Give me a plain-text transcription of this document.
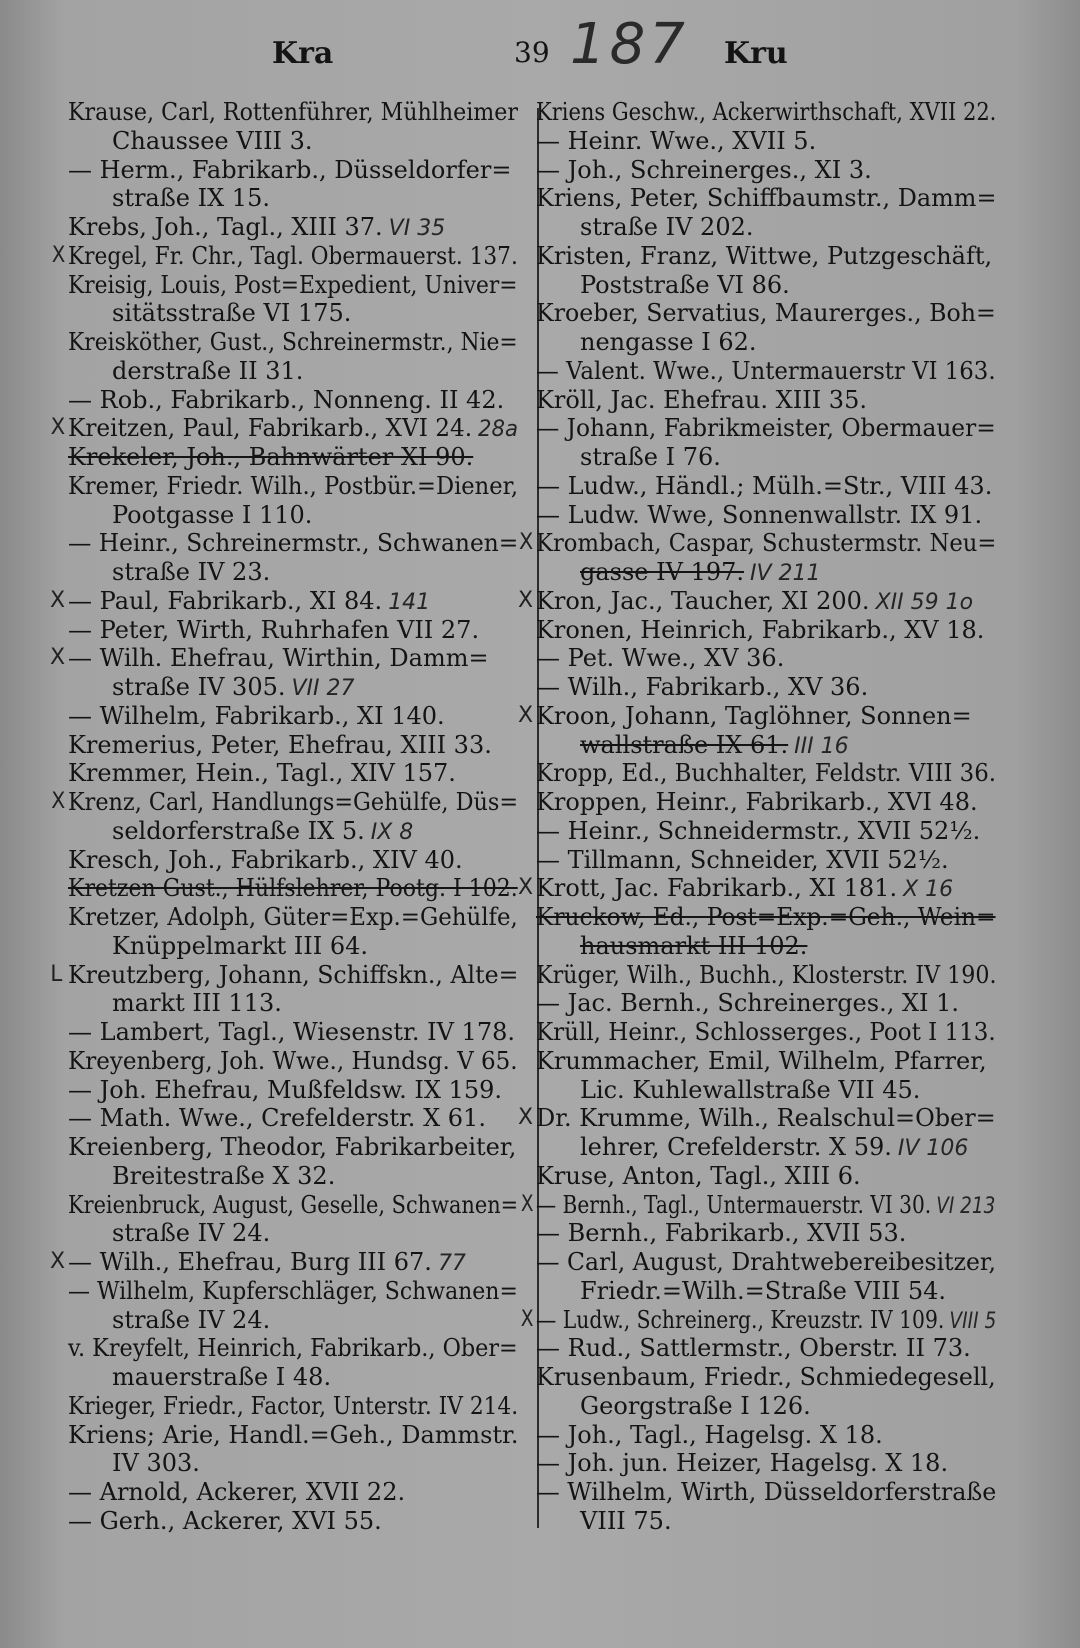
Kra	39 187 Kru
Krause, Carl, Rottenführer, Mühlheimer
Chaussee VIII 3.
— Herm., Fabrikarb., Düsseldorfer=
straße IX 15.
Krebs, Joh., Tagl., XIII 37. VI 35
X Kregel, Fr. Chr., Tagl. Obermauerst. 137.
Kreisig, Louis, Post=Expedient, Univer=
sitätsstraße VI 175.
Kreisköther, Gust., Schreinermstr., Nie=
derstraße II 31.
— Rob., Fabrikarb., Nonneng. II 42.
X Kreitzen, Paul, Fabrikarb., XVI 24. 28a
Krekeler, Joh., Bahnwärter XI 90.
Kremer, Friedr. Wilh., Postbür.=Diener,
Pootgasse I 110.
— Heinr., Schreinermstr., Schwanen=
straße IV 23.
X — Paul, Fabrikarb., XI 84. 141
— Peter, Wirth, Ruhrhafen VII 27.
X — Wilh. Ehefrau, Wirthin, Damm=
straße IV 305. VII 27
— Wilhelm, Fabrikarb., XI 140.
Kremerius, Peter, Ehefrau, XIII 33.
Kremmer, Hein., Tagl., XIV 157.
X Krenz, Carl, Handlungs=Gehülfe, Düs=
seldorferstraße IX 5. IX 8
Kresch, Joh., Fabrikarb., XIV 40.
Kretzen Gust., Hülfslehrer, Pootg. I 102.
Kretzer, Adolph, Güter=Exp.=Gehülfe,
Knüppelmarkt III 64.
L Kreutzberg, Johann, Schiffskn., Alte=
markt III 113.
— Lambert, Tagl., Wiesenstr. IV 178.
Kreyenberg, Joh. Wwe., Hundsg. V 65.
— Joh. Ehefrau, Mußfeldsw. IX 159.
— Math. Wwe., Crefelderstr. X 61.
Kreienberg, Theodor, Fabrikarbeiter,
Breitestraße X 32.
Kreienbruck, August, Geselle, Schwanen=
straße IV 24.
X — Wilh., Ehefrau, Burg III 67. 77
— Wilhelm, Kupferschläger, Schwanen=
straße IV 24.
v. Kreyfelt, Heinrich, Fabrikarb., Ober=
mauerstraße I 48.
Krieger, Friedr., Factor, Unterstr. IV 214.
Kriens; Arie, Handl.=Geh., Dammstr.
IV 303.
— Arnold, Ackerer, XVII 22.
— Gerh., Ackerer, XVI 55.
Kriens Geschw., Ackerwirthschaft, XVII 22.
— Heinr. Wwe., XVII 5.
— Joh., Schreinerges., XI 3.
Kriens, Peter, Schiffbaumstr., Damm=
straße IV 202.
Kristen, Franz, Wittwe, Putzgeschäft,
Poststraße VI 86.
Kroeber, Servatius, Maurerges., Boh=
nengasse I 62.
— Valent. Wwe., Untermauerstr VI 163.
Kröll, Jac. Ehefrau. XIII 35.
— Johann, Fabrikmeister, Obermauer=
straße I 76.
— Ludw., Händl.; Mülh.=Str., VIII 43.
— Ludw. Wwe, Sonnenwallstr. IX 91.
X Krombach, Caspar, Schustermstr. Neu=
gasse IV 197. IV 211
X Kron, Jac., Taucher, XI 200. XII 59 1o
Kronen, Heinrich, Fabrikarb., XV 18.
— Pet. Wwe., XV 36.
— Wilh., Fabrikarb., XV 36.
X Kroon, Johann, Taglöhner, Sonnen=
wallstraße IX 61. III 16
Kropp, Ed., Buchhalter, Feldstr. VIII 36.
Kroppen, Heinr., Fabrikarb., XVI 48.
— Heinr., Schneidermstr., XVII 52½.
— Tillmann, Schneider, XVII 52½.
X Krott, Jac. Fabrikarb., XI 181. X 16
Kruckow, Ed., Post=Exp.=Geh., Wein=
hausmarkt III 102.
Krüger, Wilh., Buchh., Klosterstr. IV 190.
— Jac. Bernh., Schreinerges., XI 1.
Krüll, Heinr., Schlosserges., Poot I 113.
Krummacher, Emil, Wilhelm, Pfarrer,
Lic. Kuhlewallstraße VII 45.
X Dr. Krumme, Wilh., Realschul=Ober=
lehrer, Crefelderstr. X 59. IV 106
Kruse, Anton, Tagl., XIII 6.
X — Bernh., Tagl., Untermauerstr. VI 30. VI 213
— Bernh., Fabrikarb., XVII 53.
— Carl, August, Drahtwebereibesitzer,
Friedr.=Wilh.=Straße VIII 54.
X — Ludw., Schreinerg., Kreuzstr. IV 109. VIII 5
— Rud., Sattlermstr., Oberstr. II 73.
Krusenbaum, Friedr., Schmiedegesell,
Georgstraße I 126.
— Joh., Tagl., Hagelsg. X 18.
— Joh. jun. Heizer, Hagelsg. X 18.
— Wilhelm, Wirth, Düsseldorferstraße
VIII 75.
